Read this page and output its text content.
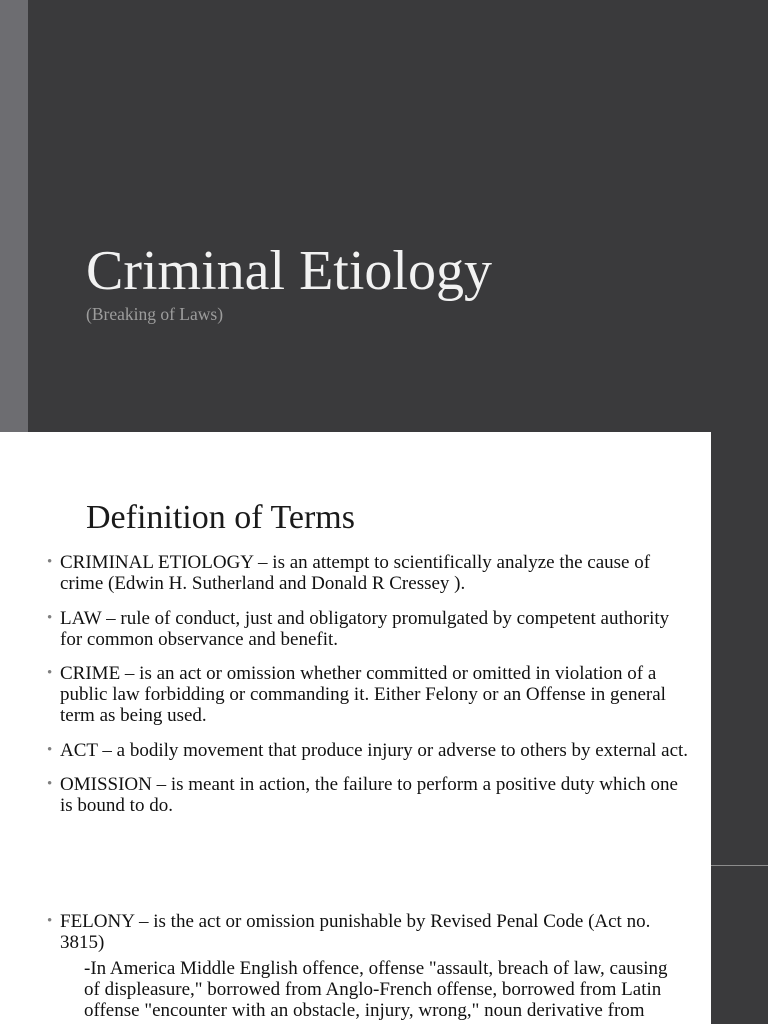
Criminal Etiology
(Breaking of Laws)
Definition of Terms
• CRIMINAL ETIOLOGY – is an attempt to scientifically analyze the cause of
crime (Edwin H. Sutherland and Donald R Cressey ).
• LAW – rule of conduct, just and obligatory promulgated by competent authority
for common observance and benefit.
• CRIME – is an act or omission whether committed or omitted in violation of a
public law forbidding or commanding it. Either Felony or an Offense in general
term as being used.
• ACT – a bodily movement that produce injury or adverse to others by external act.
• OMISSION – is meant in action, the failure to perform a positive duty which one
is bound to do.
• FELONY – is the act or omission punishable by Revised Penal Code (Act no.
3815)
-In America Middle English offence, offense "assault, breach of law, causing
of displeasure," borrowed from Anglo-French offense, borrowed from Latin
offense "encounter with an obstacle, injury, wrong," noun derivative from
